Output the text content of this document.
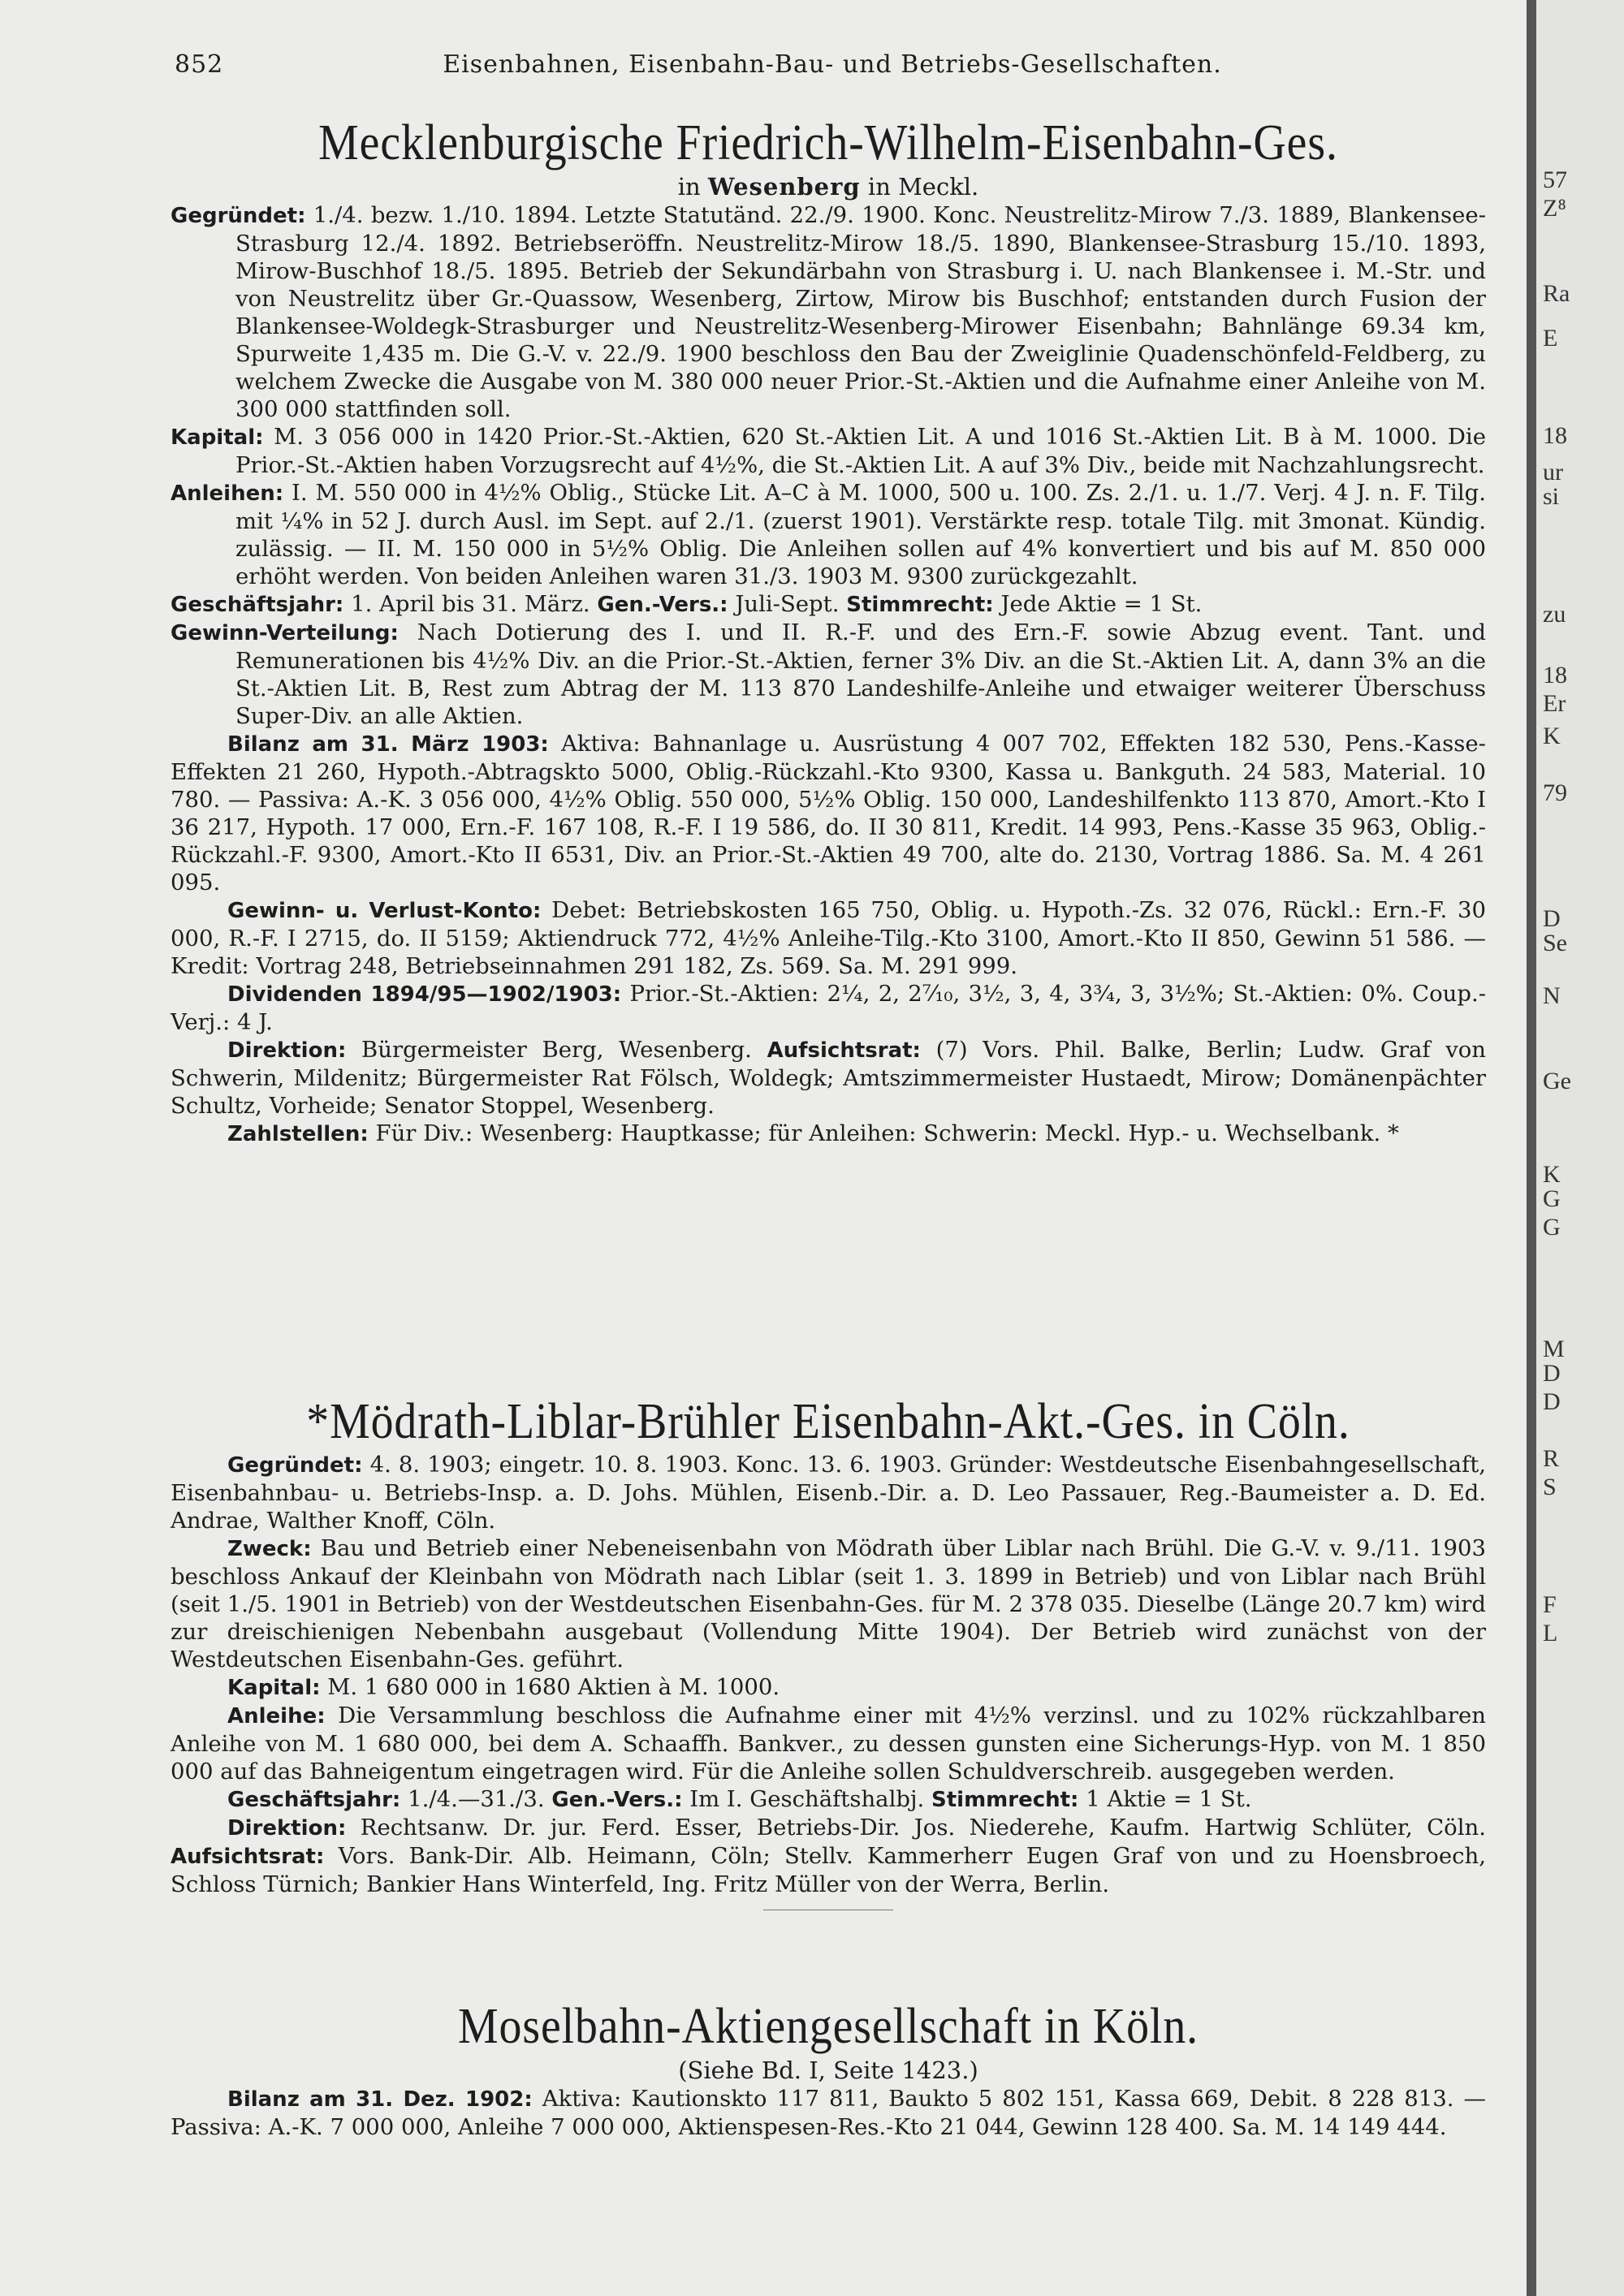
852	Eisenbahnen, Eisenbahn-Bau- und Betriebs-Gesellschaften.
Mecklenburgische Friedrich-Wilhelm-Eisenbahn-Ges.
in Wesenberg in Meckl.

Gegründet: 1./4. bezw. 1./10. 1894. Letzte Statutänd. 22./9. 1900. Konc. Neustrelitz-Mirow 7./3. 1889, Blankensee-Strasburg 12./4. 1892. Betriebseröffn. Neustrelitz-Mirow 18./5. 1890, Blankensee-Strasburg 15./10. 1893, Mirow-Buschhof 18./5. 1895. Betrieb der Sekundärbahn von Strasburg i. U. nach Blankensee i. M.-Str. und von Neustrelitz über Gr.-Quassow, Wesenberg, Zirtow, Mirow bis Buschhof; entstanden durch Fusion der Blankensee-Woldegk-Strasburger und Neustrelitz-Wesenberg-Mirower Eisenbahn; Bahnlänge 69.34 km, Spurweite 1,435 m. Die G.-V. v. 22./9. 1900 beschloss den Bau der Zweiglinie Quadenschönfeld-Feldberg, zu welchem Zwecke die Ausgabe von M. 380 000 neuer Prior.-St.-Aktien und die Aufnahme einer Anleihe von M. 300 000 stattfinden soll.

Kapital: M. 3 056 000 in 1420 Prior.-St.-Aktien, 620 St.-Aktien Lit. A und 1016 St.-Aktien Lit. B à M. 1000. Die Prior.-St.-Aktien haben Vorzugsrecht auf 4½%, die St.-Aktien Lit. A auf 3% Div., beide mit Nachzahlungsrecht.

Anleihen: I. M. 550 000 in 4½% Oblig., Stücke Lit. A–C à M. 1000, 500 u. 100. Zs. 2./1. u. 1./7. Verj. 4 J. n. F. Tilg. mit ¼% in 52 J. durch Ausl. im Sept. auf 2./1. (zuerst 1901). Verstärkte resp. totale Tilg. mit 3monat. Kündig. zulässig. — II. M. 150 000 in 5½% Oblig. Die Anleihen sollen auf 4% konvertiert und bis auf M. 850 000 erhöht werden. Von beiden Anleihen waren 31./3. 1903 M. 9300 zurückgezahlt.

Geschäftsjahr: 1. April bis 31. März. Gen.-Vers.: Juli-Sept. Stimmrecht: Jede Aktie = 1 St.

Gewinn-Verteilung: Nach Dotierung des I. und II. R.-F. und des Ern.-F. sowie Abzug event. Tant. und Remunerationen bis 4½% Div. an die Prior.-St.-Aktien, ferner 3% Div. an die St.-Aktien Lit. A, dann 3% an die St.-Aktien Lit. B, Rest zum Abtrag der M. 113 870 Landeshilfe-Anleihe und etwaiger weiterer Überschuss Super-Div. an alle Aktien.

Bilanz am 31. März 1903: Aktiva: Bahnanlage u. Ausrüstung 4 007 702, Effekten 182 530, Pens.-Kasse-Effekten 21 260, Hypoth.-Abtragskto 5000, Oblig.-Rückzahl.-Kto 9300, Kassa u. Bankguth. 24 583, Material. 10 780. — Passiva: A.-K. 3 056 000, 4½% Oblig. 550 000, 5½% Oblig. 150 000, Landeshilfenkto 113 870, Amort.-Kto I 36 217, Hypoth. 17 000, Ern.-F. 167 108, R.-F. I 19 586, do. II 30 811, Kredit. 14 993, Pens.-Kasse 35 963, Oblig.-Rückzahl.-F. 9300, Amort.-Kto II 6531, Div. an Prior.-St.-Aktien 49 700, alte do. 2130, Vortrag 1886. Sa. M. 4 261 095.

Gewinn- u. Verlust-Konto: Debet: Betriebskosten 165 750, Oblig. u. Hypoth.-Zs. 32 076, Rückl.: Ern.-F. 30 000, R.-F. I 2715, do. II 5159; Aktiendruck 772, 4½% Anleihe-Tilg.-Kto 3100, Amort.-Kto II 850, Gewinn 51 586. — Kredit: Vortrag 248, Betriebseinnahmen 291 182, Zs. 569. Sa. M. 291 999.

Dividenden 1894/95—1902/1903: Prior.-St.-Aktien: 2¼, 2, 2⁷⁄₁₀, 3½, 3, 4, 3¾, 3, 3½%; St.-Aktien: 0%. Coup.-Verj.: 4 J.

Direktion: Bürgermeister Berg, Wesenberg. Aufsichtsrat: (7) Vors. Phil. Balke, Berlin; Ludw. Graf von Schwerin, Mildenitz; Bürgermeister Rat Fölsch, Woldegk; Amtszimmermeister Hustaedt, Mirow; Domänenpächter Schultz, Vorheide; Senator Stoppel, Wesenberg.

Zahlstellen: Für Div.: Wesenberg: Hauptkasse; für Anleihen: Schwerin: Meckl. Hyp.- u. Wechselbank. *

*Mödrath-Liblar-Brühler Eisenbahn-Akt.-Ges. in Cöln.

Gegründet: 4. 8. 1903; eingetr. 10. 8. 1903. Konc. 13. 6. 1903. Gründer: Westdeutsche Eisenbahngesellschaft, Eisenbahnbau- u. Betriebs-Insp. a. D. Johs. Mühlen, Eisenb.-Dir. a. D. Leo Passauer, Reg.-Baumeister a. D. Ed. Andrae, Walther Knoff, Cöln.

Zweck: Bau und Betrieb einer Nebeneisenbahn von Mödrath über Liblar nach Brühl. Die G.-V. v. 9./11. 1903 beschloss Ankauf der Kleinbahn von Mödrath nach Liblar (seit 1. 3. 1899 in Betrieb) und von Liblar nach Brühl (seit 1./5. 1901 in Betrieb) von der Westdeutschen Eisenbahn-Ges. für M. 2 378 035. Dieselbe (Länge 20.7 km) wird zur dreischienigen Nebenbahn ausgebaut (Vollendung Mitte 1904). Der Betrieb wird zunächst von der Westdeutschen Eisenbahn-Ges. geführt.

Kapital: M. 1 680 000 in 1680 Aktien à M. 1000.

Anleihe: Die Versammlung beschloss die Aufnahme einer mit 4½% verzinsl. und zu 102% rückzahlbaren Anleihe von M. 1 680 000, bei dem A. Schaaffh. Bankver., zu dessen gunsten eine Sicherungs-Hyp. von M. 1 850 000 auf das Bahneigentum eingetragen wird. Für die Anleihe sollen Schuldverschreib. ausgegeben werden.

Geschäftsjahr: 1./4.—31./3. Gen.-Vers.: Im I. Geschäftshalbj. Stimmrecht: 1 Aktie = 1 St.

Direktion: Rechtsanw. Dr. jur. Ferd. Esser, Betriebs-Dir. Jos. Niederehe, Kaufm. Hartwig Schlüter, Cöln. Aufsichtsrat: Vors. Bank-Dir. Alb. Heimann, Cöln; Stellv. Kammerherr Eugen Graf von und zu Hoensbroech, Schloss Türnich; Bankier Hans Winterfeld, Ing. Fritz Müller von der Werra, Berlin.

Moselbahn-Aktiengesellschaft in Köln.
(Siehe Bd. I, Seite 1423.)

Bilanz am 31. Dez. 1902: Aktiva: Kautionskto 117 811, Baukto 5 802 151, Kassa 669, Debit. 8 228 813. — Passiva: A.-K. 7 000 000, Anleihe 7 000 000, Aktienspesen-Res.-Kto 21 044, Gewinn 128 400. Sa. M. 14 149 444.

57
Z⁸
Ra
E
18
ur
si
zu
18
Er
K
79
D
Se
N
Ge
K
G
G
M
D
D
R
S
F
L
